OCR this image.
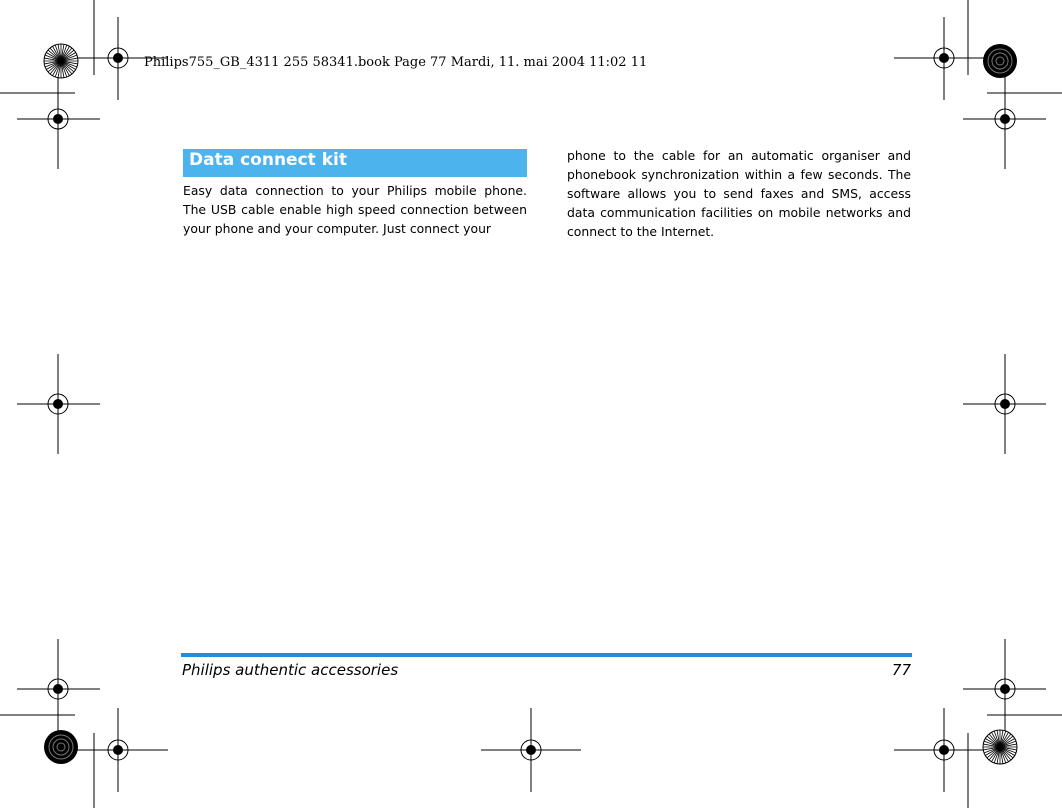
Philips755_GB_4311 255 58341.book Page 77 Mardi, 11. mai 2004 11:02 11
Data connect kit
Easy data connection to your Philips mobile phone. The USB cable enable high speed connection between your phone and your computer. Just connect your
phone to the cable for an automatic organiser and phonebook synchronization within a few seconds. The software allows you to send faxes and SMS, access data communication facilities on mobile networks and connect to the Internet.
Philips authentic accessories	77
